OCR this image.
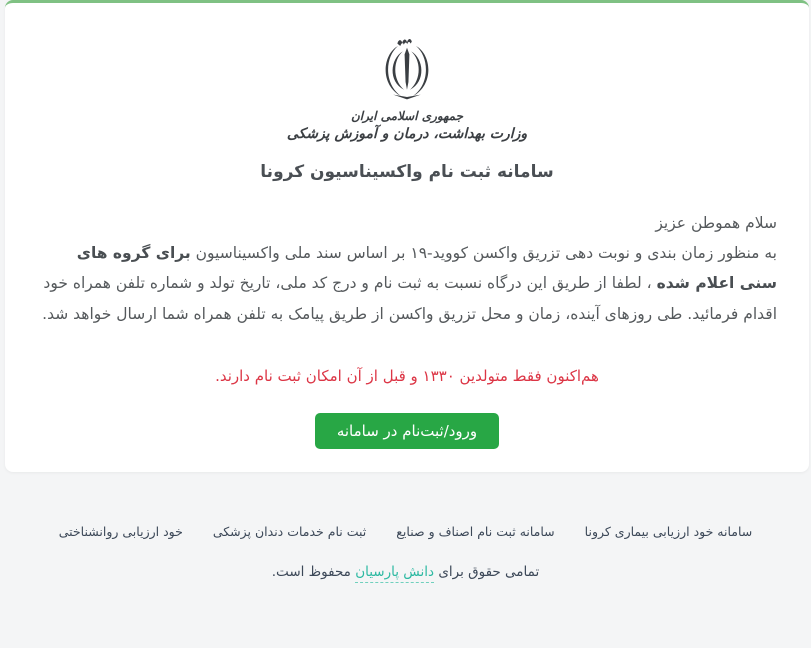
جمهوری اسلامی ایران
وزارت بهداشت، درمان و آموزش پزشکی
سامانه ثبت نام واکسیناسیون کرونا
سلام هموطن عزیز
به منظور زمان بندی و نوبت دهی تزریق واکسن کووید-۱۹ بر اساس سند ملی واکسیناسیون برای گروه های سنی اعلام شده ، لطفا از طریق این درگاه نسبت به ثبت نام و درج کد ملی، تاریخ تولد و شماره تلفن همراه خود اقدام فرمائید. طی روزهای آینده، زمان و محل تزریق واکسن از طریق پیامک به تلفن همراه شما ارسال خواهد شد.
هم‌اکنون فقط متولدین ۱۳۳۰ و قبل از آن امکان ثبت نام دارند.
ورود/ثبت‌نام در سامانه
سامانه خود ارزیابی بیماری کرونا
سامانه ثبت نام اصناف و صنایع
ثبت نام خدمات دندان پزشکی
خود ارزیابی روانشناختی
تمامی حقوق برای دانش پارسیان محفوظ است.
